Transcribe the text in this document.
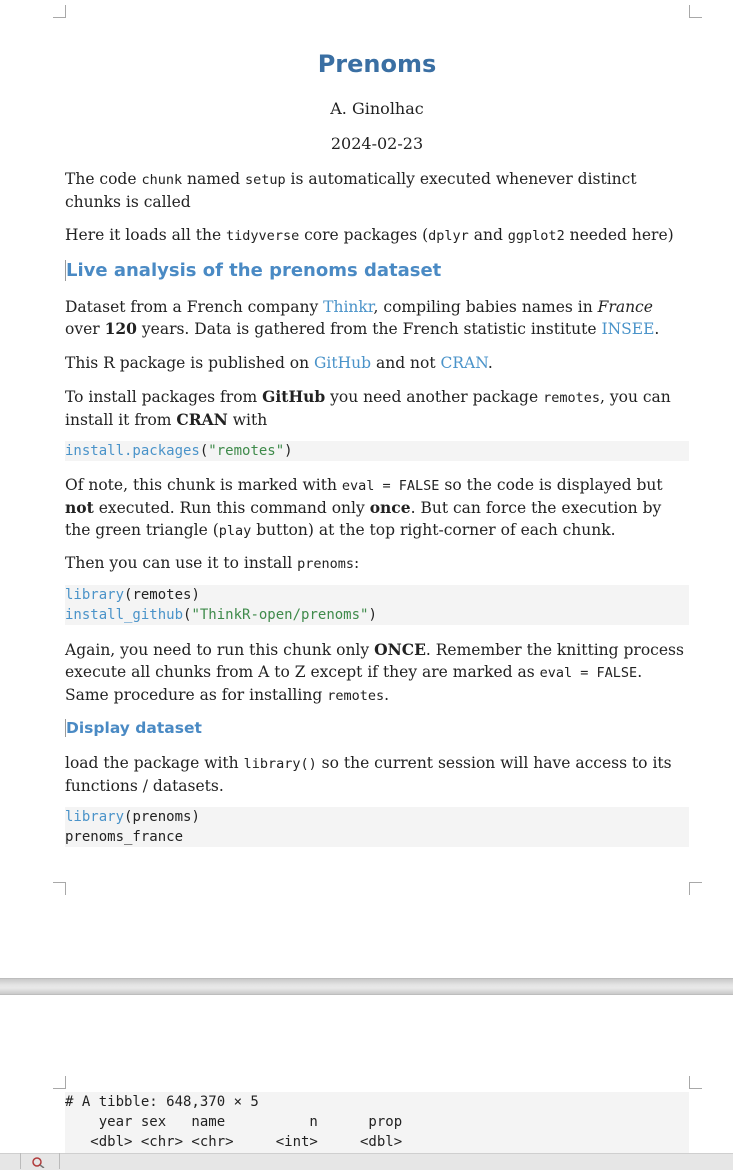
Prenoms
A. Ginolhac
2024-02-23
The code chunk named setup is automatically executed whenever distinct chunks is called
Here it loads all the tidyverse core packages (dplyr and ggplot2 needed here)
Live analysis of the prenoms dataset
Dataset from a French company Thinkr, compiling babies names in France over 120 years. Data is gathered from the French statistic institute INSEE.
This R package is published on GitHub and not CRAN.
To install packages from GitHub you need another package remotes, you can install it from CRAN with
install.packages("remotes")
Of note, this chunk is marked with eval = FALSE so the code is displayed but not executed. Run this command only once. But can force the execution by the green triangle (play button) at the top right-corner of each chunk.
Then you can use it to install prenoms:
library(remotes)
install_github("ThinkR-open/prenoms")
Again, you need to run this chunk only ONCE. Remember the knitting process execute all chunks from A to Z except if they are marked as eval = FALSE. Same procedure as for installing remotes.
Display dataset
load the package with library() so the current session will have access to its functions / datasets.
library(prenoms)
prenoms_france
# A tibble: 648,370 × 5
year sex   name          n      prop
<dbl> <chr> <chr>     <int>     <dbl>
